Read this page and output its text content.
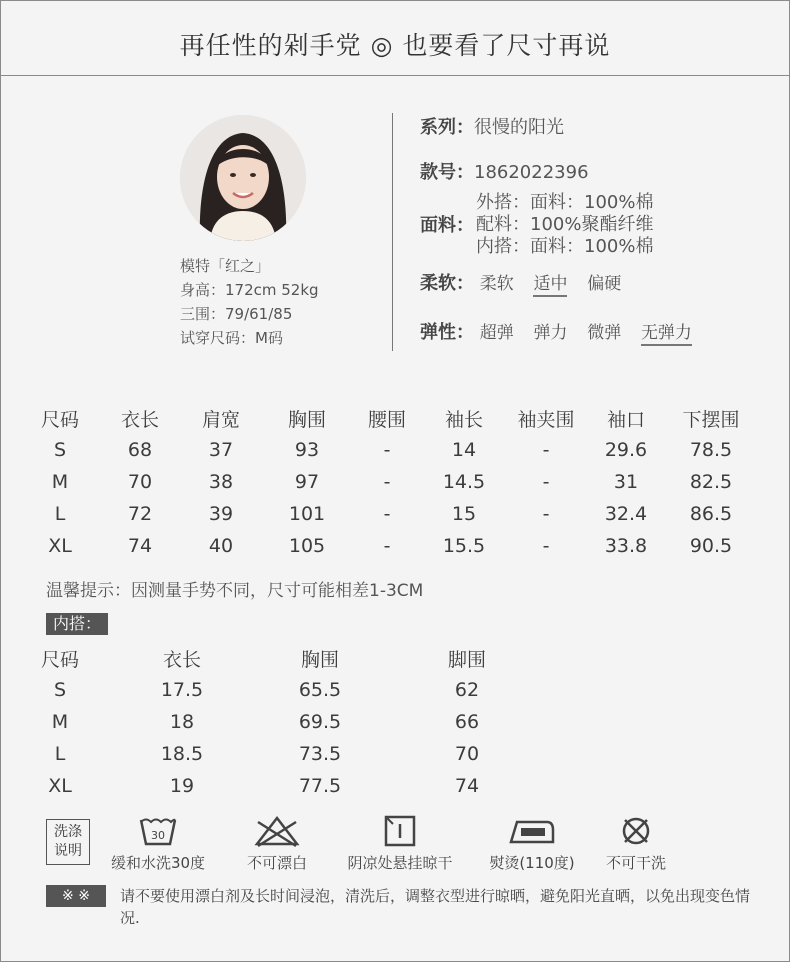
再任性的剁手党 ◎ 也要看了尺寸再说
模特「红之」
身高：172cm 52kg
三围：79/61/85
试穿尺码：M码
系列：很慢的阳光
款号：1862022396
面料：
外搭：面料：100%棉
配料：100%聚酯纤维
内搭：面料：100%棉
柔软： 柔软 适中 偏硬
弹性： 超弹 弹力 微弹 无弹力
尺码	衣长	肩宽	胸围	腰围	袖长	袖夹围	袖口	下摆围
S	68	37	93	-	14	-	29.6	78.5
M	70	38	97	-	14.5	-	31	82.5
L	72	39	101	-	15	-	32.4	86.5
XL	74	40	105	-	15.5	-	33.8	90.5
温馨提示：因测量手势不同，尺寸可能相差1-3CM
内搭：
尺码	衣长	胸围	脚围
S	17.5	65.5	62
M	18	69.5	66
L	18.5	73.5	70
XL	19	77.5	74
洗涤
说明
30
缓和水洗30度	不可漂白	阴凉处悬挂晾干	熨烫(110度)	不可干洗
※ ※	请不要使用漂白剂及长时间浸泡，清洗后，调整衣型进行晾晒，避免阳光直晒，以免出现变色情况.
